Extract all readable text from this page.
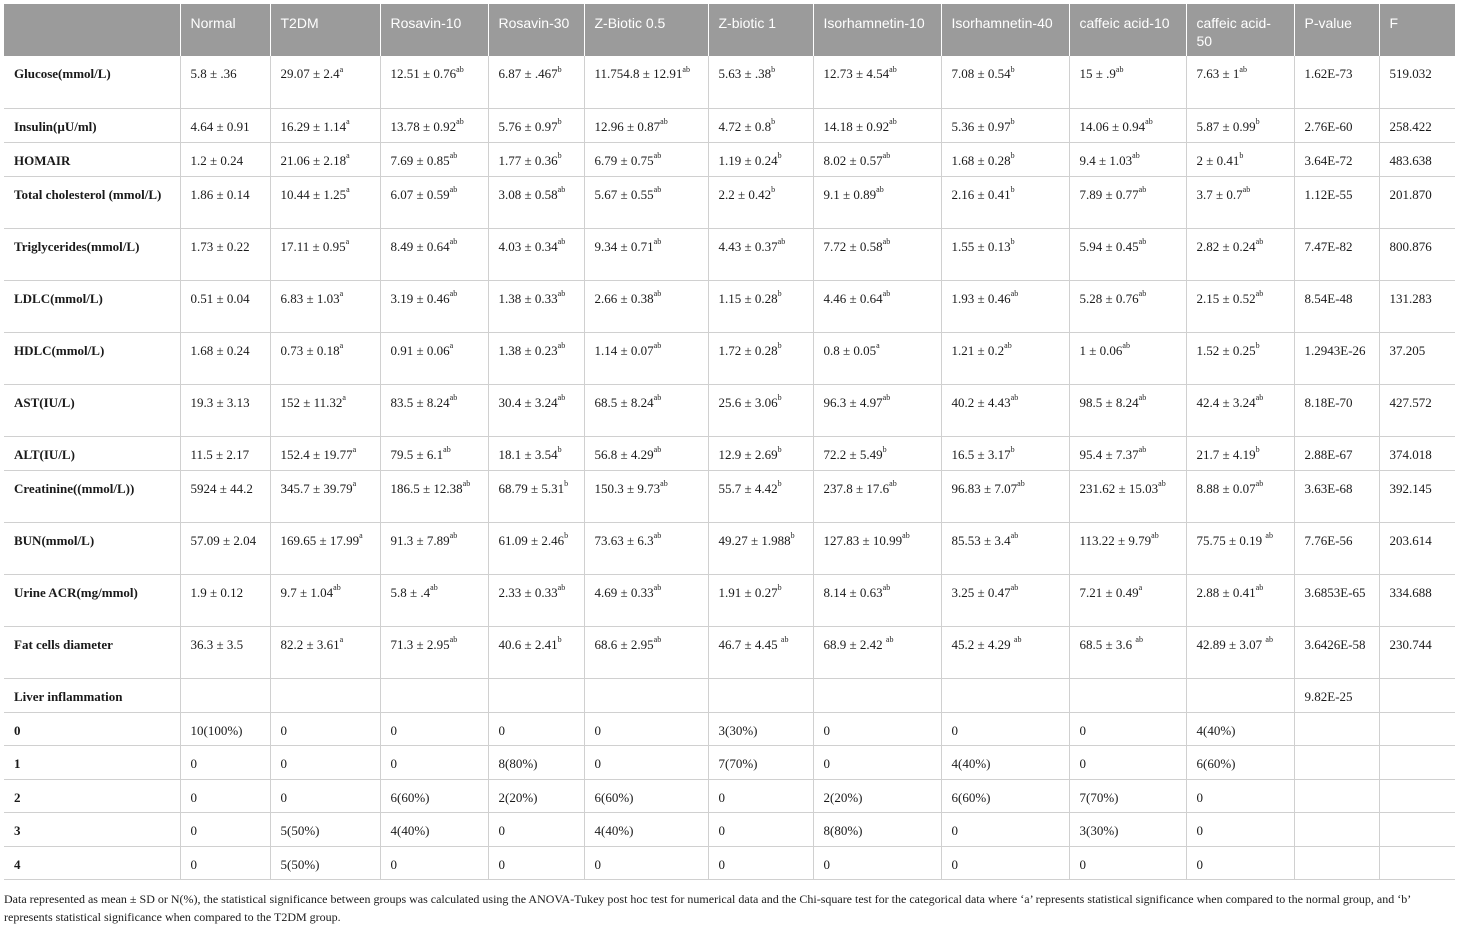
	Normal	T2DM	Rosavin-10	Rosavin-30	Z-Biotic 0.5	Z-biotic 1	Isorhamnetin-10	Isorhamnetin-40	caffeic acid-10	caffeic acid-50	P-value	F
Glucose(mmol/L)	5.8 ± .36	29.07 ± 2.4$^a$	12.51 ± 0.76$^{ab}$	6.87 ± .467$^b$	11.754.8 ± 12.91$^{ab}$	5.63 ± .38$^b$	12.73 ± 4.54$^{ab}$	7.08 ± 0.54$^b$	15 ± .9$^{ab}$	$7.63 \pm 1^{ab}$	1.62E-73	519.032
Insulin(µU/ml)	4.64 ± 0.91	16.29 ± 1.14$^a$	13.78 ± 0.92$^{ab}$	5.76 ± 0.97$^b$	12.96 ± 0.87$^{ab}$	4.72 ± 0.8$^b$	14.18 ± 0.92$^{ab}$	5.36 ± 0.97$^b$	14.06 ± 0.94$^{ab}$	5.87 ± 0.99$^b$	2.76E-60	258.422
HOMAIR	1.2 ± 0.24	21.06 ± 2.18$^a$	7.69 ± 0.85$^{ab}$	1.77 ± 0.36$^b$	6.79 ± 0.75$^{ab}$	1.19 ± 0.24$^b$	8.02 ± 0.57$^{ab}$	1.68 ± 0.28$^b$	9.4 ± 1.03$^{ab}$	2 ± 0.41$^b$	3.64E-72	483.638
Total cholesterol (mmol/L)	1.86 ± 0.14	10.44 ± 1.25$^a$	6.07 ± 0.59$^{ab}$	3.08 ± 0.58$^{ab}$	5.67 ± 0.55$^{ab}$	2.2 ± 0.42$^b$	9.1 ± 0.89$^{ab}$	2.16 ± 0.41$^b$	7.89 ± 0.77$^{ab}$	3.7 ± 0.7$^{ab}$	1.12E-55	201.870
Triglycerides(mmol/L)	1.73 ± 0.22	17.11 ± 0.95$^a$	8.49 ± 0.64$^{ab}$	4.03 ± 0.34$^{ab}$	9.34 ± 0.71$^{ab}$	4.43 ± 0.37$^{ab}$	7.72 ± 0.58$^{ab}$	1.55 ± 0.13$^b$	5.94 ± 0.45$^{ab}$	2.82 ± 0.24$^{ab}$	7.47E-82	800.876
LDLC(mmol/L)	0.51 ± 0.04	6.83 ± 1.03$^a$	3.19 ± 0.46$^{ab}$	1.38 ± 0.33$^{ab}$	2.66 ± 0.38$^{ab}$	1.15 ± 0.28$^b$	4.46 ± 0.64$^{ab}$	1.93 ± 0.46$^{ab}$	5.28 ± 0.76$^{ab}$	2.15 ± 0.52$^{ab}$	8.54E-48	131.283
HDLC(mmol/L)	1.68 ± 0.24	0.73 ± 0.18$^a$	0.91 ± 0.06$^a$	1.38 ± 0.23$^{ab}$	1.14 ± 0.07$^{ab}$	1.72 ± 0.28$^b$	0.8 ± 0.05$^a$	1.21 ± 0.2$^{ab}$	1 ± 0.06$^{ab}$	1.52 ± 0.25$^b$	1.2943E-26	37.205
AST(IU/L)	19.3 ± 3.13	152 ± 11.32$^a$	83.5 ± 8.24$^{ab}$	30.4 ± 3.24$^{ab}$	68.5 ± 8.24$^{ab}$	25.6 ± 3.06$^b$	96.3 ± 4.97$^{ab}$	40.2 ± 4.43$^{ab}$	98.5 ± 8.24$^{ab}$	42.4 ± 3.24$^{ab}$	8.18E-70	427.572
ALT(IU/L)	11.5 ± 2.17	152.4 ± 19.77$^a$	79.5 ± 6.1$^{ab}$	18.1 ± 3.54$^b$	56.8 ± 4.29$^{ab}$	12.9 ± 2.69$^b$	72.2 ± 5.49$^b$	16.5 ± 3.17$^b$	95.4 ± 7.37$^{ab}$	21.7 ± 4.19$^b$	2.88E-67	374.018
Creatinine((mmol/L))	5924 ± 44.2	345.7 ± 39.79$^a$	186.5 ± 12.38$^{ab}$	68.79 ± 5.31$^b$	150.3 ± 9.73$^{ab}$	55.7 ± 4.42$^b$	237.8 ± 17.6$^{ab}$	96.83 ± 7.07$^{ab}$	231.62 ± 15.03$^{ab}$	8.88 ± 0.07$^{ab}$	3.63E-68	392.145
BUN(mmol/L)	57.09 ± 2.04	169.65 ± 17.99$^a$	91.3 ± 7.89$^{ab}$	61.09 ± 2.46$^b$	73.63 ± 6.3$^{ab}$	49.27 ± 1.988$^b$	127.83 ± 10.99$^{ab}$	85.53 ± 3.4$^{ab}$	113.22 ± 9.79$^{ab}$	75.75 ± 0.19 $^{ab}$	7.76E-56	203.614
Urine ACR(mg/mmol)	1.9 ± 0.12	9.7 ± 1.04$^{ab}$	5.8 ± .4$^{ab}$	2.33 ± 0.33$^{ab}$	4.69 ± 0.33$^{ab}$	1.91 ± 0.27$^b$	8.14 ± 0.63$^{ab}$	3.25 ± 0.47$^{ab}$	7.21 ± 0.49$^a$	2.88 ± 0.41$^{ab}$	3.6853E-65	334.688
Fat cells diameter	36.3 ± 3.5	82.2 ± 3.61$^a$	71.3 ± 2.95$^{ab}$	40.6 ± 2.41$^b$	68.6 ± 2.95$^{ab}$	46.7 ± 4.45 $^{ab}$	68.9 ± 2.42 $^{ab}$	45.2 ± 4.29 $^{ab}$	68.5 ± 3.6 $^{ab}$	42.89 ± 3.07 $^{ab}$	3.6426E-58	230.744
Liver inflammation											9.82E-25	
0	10(100%)	0	0	0	0	3(30%)	0	0	0	4(40%)		
1	0	0	0	8(80%)	0	7(70%)	0	4(40%)	0	6(60%)		
2	0	0	6(60%)	2(20%)	6(60%)	0	2(20%)	6(60%)	7(70%)	0		
3	0	5(50%)	4(40%)	0	4(40%)	0	8(80%)	0	3(30%)	0		
4	0	5(50%)	0	0	0	0	0	0	0	0		
Data represented as mean ± SD or N(%), the statistical significance between groups was calculated using the ANOVA-Tukey post hoc test for numerical data and the Chi-square test for the categorical data where ‘a’ represents statistical significance when compared to the normal group, and ‘b’ represents statistical significance when compared to the T2DM group.
